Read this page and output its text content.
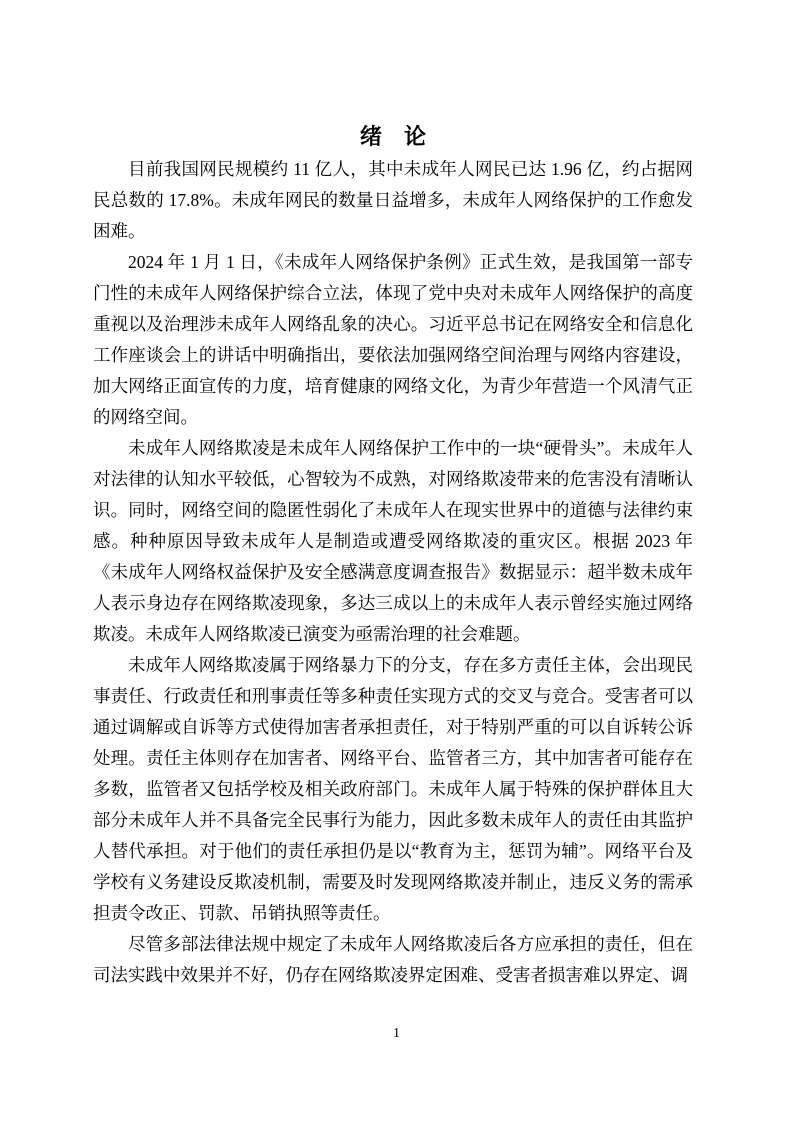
绪　论

目前我国网民规模约 11 亿人，其中未成年人网民已达 1.96 亿，约占据网民总数的 17.8%。未成年网民的数量日益增多，未成年人网络保护的工作愈发困难。

2024 年 1 月 1 日，《未成年人网络保护条例》正式生效，是我国第一部专门性的未成年人网络保护综合立法，体现了党中央对未成年人网络保护的高度重视以及治理涉未成年人网络乱象的决心。习近平总书记在网络安全和信息化工作座谈会上的讲话中明确指出，要依法加强网络空间治理与网络内容建设，加大网络正面宣传的力度，培育健康的网络文化，为青少年营造一个风清气正的网络空间。

未成年人网络欺凌是未成年人网络保护工作中的一块“硬骨头”。未成年人对法律的认知水平较低，心智较为不成熟，对网络欺凌带来的危害没有清晰认识。同时，网络空间的隐匿性弱化了未成年人在现实世界中的道德与法律约束感。种种原因导致未成年人是制造或遭受网络欺凌的重灾区。根据 2023 年《未成年人网络权益保护及安全感满意度调查报告》数据显示：超半数未成年人表示身边存在网络欺凌现象，多达三成以上的未成年人表示曾经实施过网络欺凌。未成年人网络欺凌已演变为亟需治理的社会难题。

未成年人网络欺凌属于网络暴力下的分支，存在多方责任主体，会出现民事责任、行政责任和刑事责任等多种责任实现方式的交叉与竞合。受害者可以通过调解或自诉等方式使得加害者承担责任，对于特别严重的可以自诉转公诉处理。责任主体则存在加害者、网络平台、监管者三方，其中加害者可能存在多数，监管者又包括学校及相关政府部门。未成年人属于特殊的保护群体且大部分未成年人并不具备完全民事行为能力，因此多数未成年人的责任由其监护人替代承担。对于他们的责任承担仍是以“教育为主，惩罚为辅”。网络平台及学校有义务建设反欺凌机制，需要及时发现网络欺凌并制止，违反义务的需承担责令改正、罚款、吊销执照等责任。

尽管多部法律法规中规定了未成年人网络欺凌后各方应承担的责任，但在司法实践中效果并不好，仍存在网络欺凌界定困难、受害者损害难以界定、调

1
